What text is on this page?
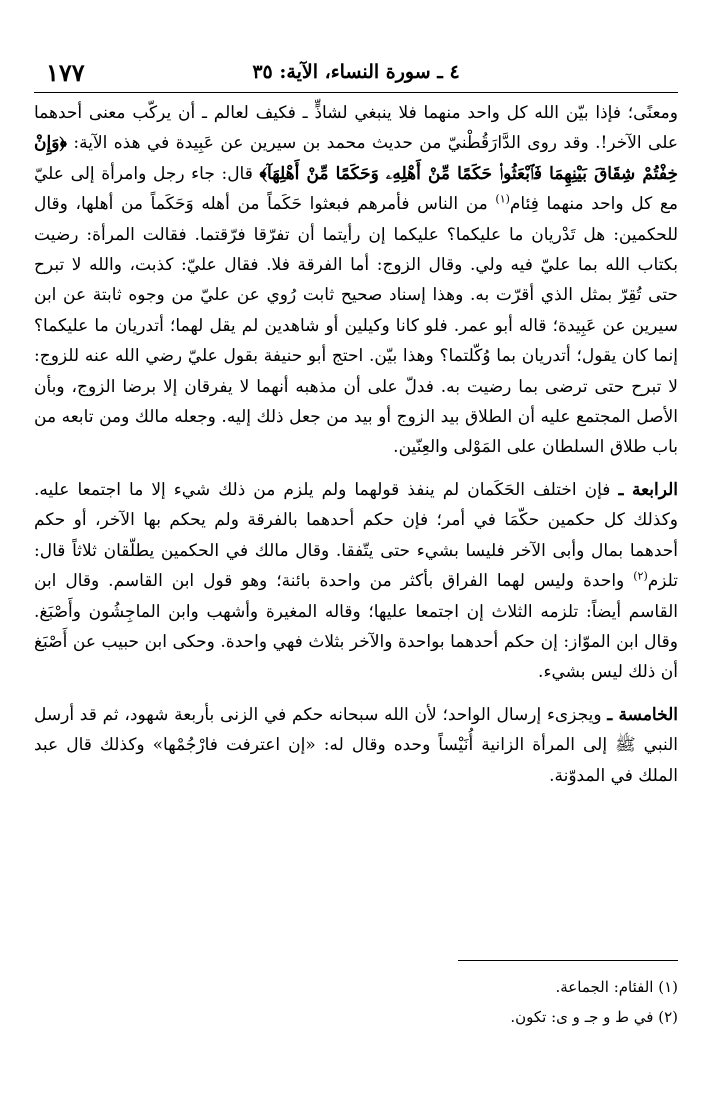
٤ ـ سورة النساء، الآية: ٣٥
١٧٧

ومعنًى؛ فإذا بيّن الله كل واحد منهما فلا ينبغي لشاذٍّ ـ فكيف لعالم ـ أن يركّب معنى أحدهما على الآخر!. وقد روى الدَّارَقُطْنيّ من حديث محمد بن سيرين عن عَبِيدة في هذه الآية: ﴿وَإِنْ خِفْتُمْ شِقَاقَ بَيْنِهِمَا فَٱبْعَثُوا۟ حَكَمًا مِّنْ أَهْلِهِۦ وَحَكَمًا مِّنْ أَهْلِهَآ﴾ قال: جاء رجل وامرأة إلى عليّ مع كل واحد منهما فِئام$^{(١)}$ من الناس فأمرهم فبعثوا حَكَماً من أهله وَحَكَماً من أهلها، وقال للحكمين: هل تَدْريان ما عليكما؟ عليكما إن رأيتما أن تفرّقا فرّقتما. فقالت المرأة: رضيت بكتاب الله بما عليّ فيه ولي. وقال الزوج: أما الفرقة فلا. فقال عليّ: كذبت، والله لا تبرح حتى تُقِرّ بمثل الذي أقرّت به. وهذا إسناد صحيح ثابت رُوي عن عليّ من وجوه ثابتة عن ابن سيرين عن عَبِيدة؛ قاله أبو عمر. فلو كانا وكيلين أو شاهدين لم يقل لهما؛ أتدريان ما عليكما؟ إنما كان يقول؛ أتدريان بما وُكّلتما؟ وهذا بيّن. احتج أبو حنيفة بقول عليّ رضي الله عنه للزوج: لا تبرح حتى ترضى بما رضيت به. فدلّ على أن مذهبه أنهما لا يفرقان إلا برضا الزوج، وبأن الأصل المجتمع عليه أن الطلاق بيد الزوج أو بيد من جعل ذلك إليه. وجعله مالك ومن تابعه من باب طلاق السلطان على المَوْلى والعِنّين.

الرابعة ـ فإن اختلف الحَكَمان لم ينفذ قولهما ولم يلزم من ذلك شيء إلا ما اجتمعا عليه. وكذلك كل حكمين حكّمَا في أمر؛ فإن حكم أحدهما بالفرقة ولم يحكم بها الآخر، أو حكم أحدهما بمال وأبى الآخر فليسا بشيء حتى يتّفقا. وقال مالك في الحكمين يطلّقان ثلاثاً قال: تلزم$^{(٢)}$ واحدة وليس لهما الفراق بأكثر من واحدة بائنة؛ وهو قول ابن القاسم. وقال ابن القاسم أيضاً: تلزمه الثلاث إن اجتمعا عليها؛ وقاله المغيرة وأشهب وابن الماجِشُون وأَصْبَغ. وقال ابن الموّاز: إن حكم أحدهما بواحدة والآخر بثلاث فهي واحدة. وحكى ابن حبيب عن أَصْبَغ أن ذلك ليس بشيء.

الخامسة ـ ويجزىء إرسال الواحد؛ لأن الله سبحانه حكم في الزنى بأربعة شهود، ثم قد أرسل النبي ﷺ إلى المرأة الزانية أُنَيْساً وحده وقال له: «إن اعترفت فارْجُمْها» وكذلك قال عبد الملك في المدوّنة.

(١) الفئام: الجماعة.

(٢) في ط و جـ و ى: تكون.
